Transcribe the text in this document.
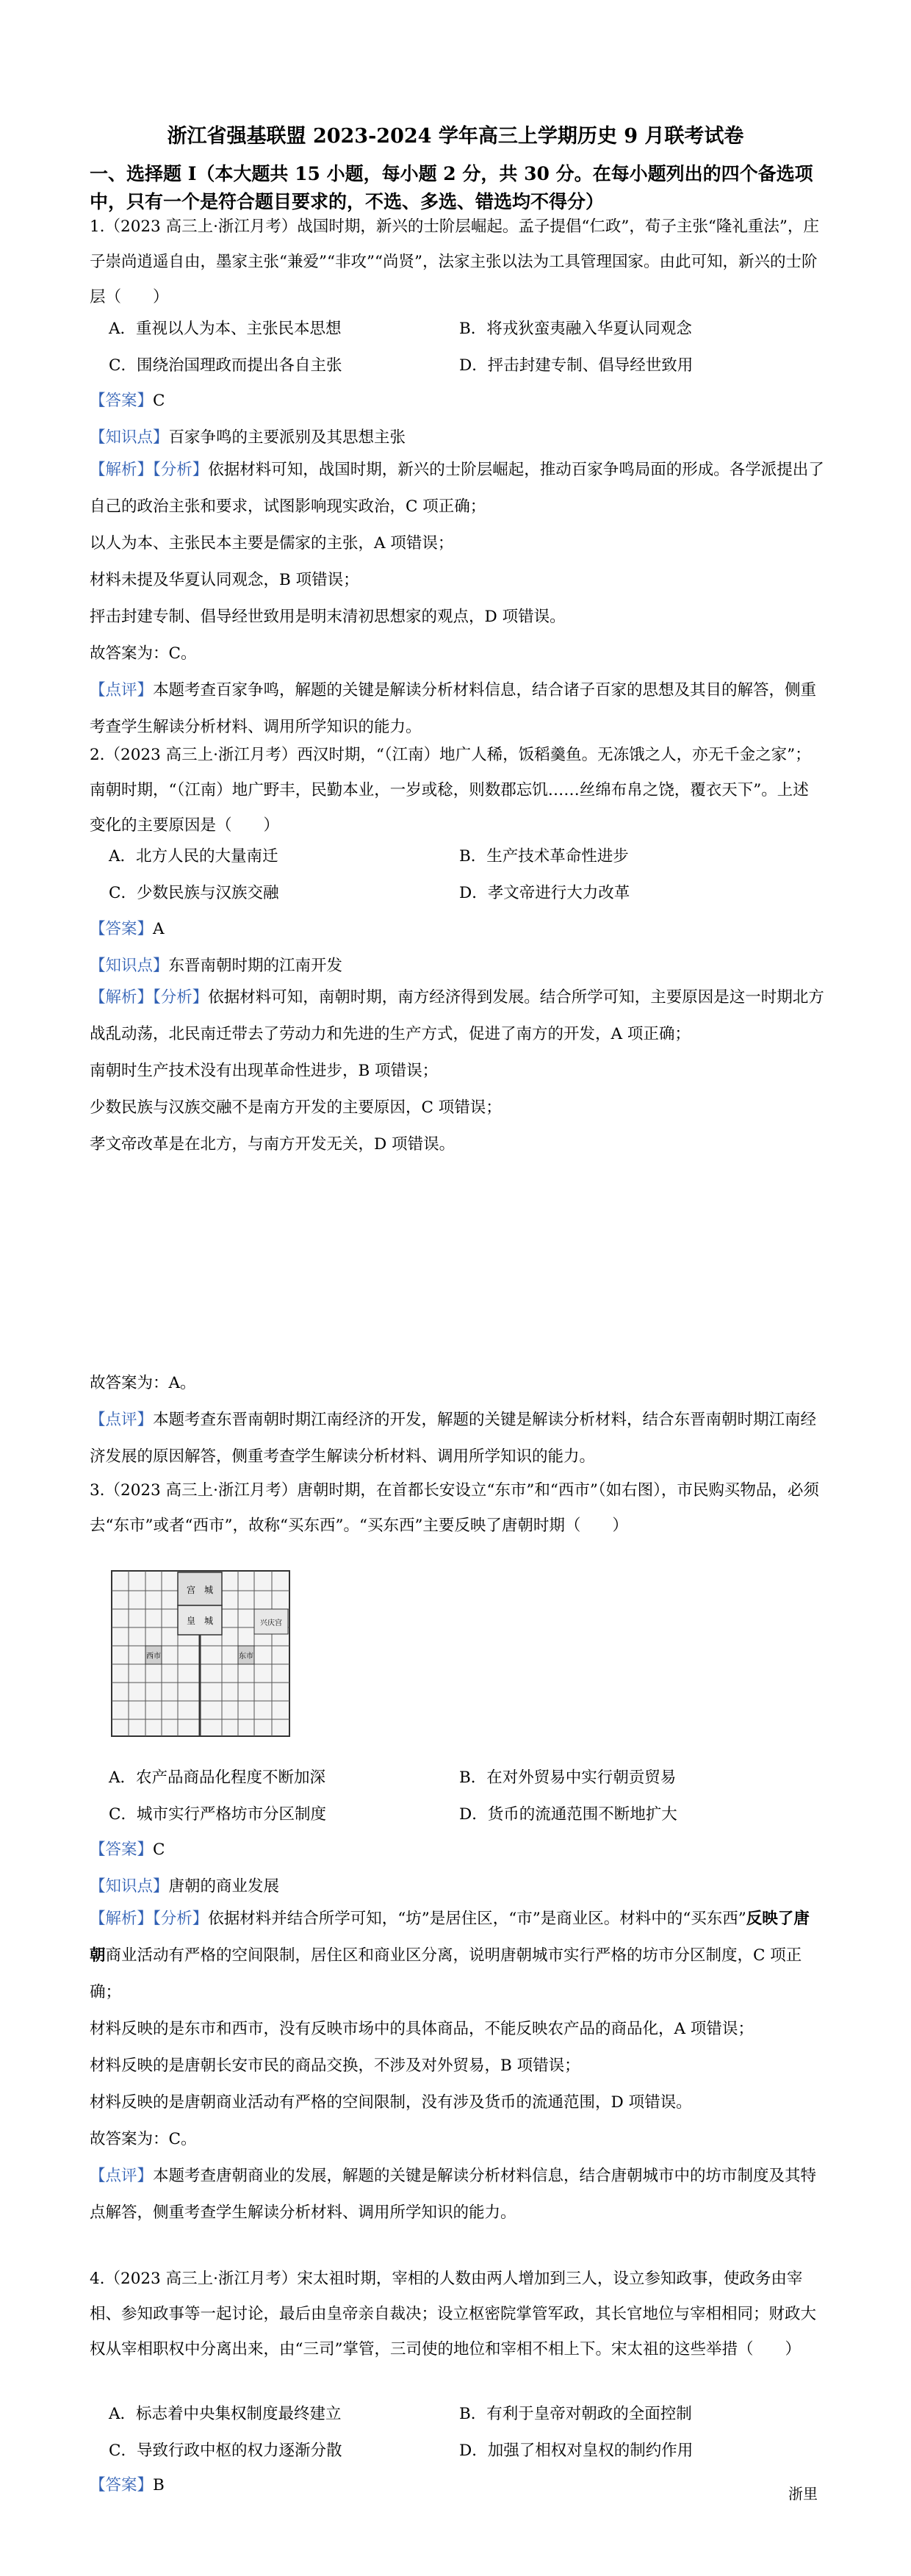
浙江省强基联盟 2023-2024 学年高三上学期历史 9 月联考试卷
一、选择题 I（本大题共 15 小题，每小题 2 分，共 30 分。在每小题列出的四个备选项中，只有一个是符合题目要求的，不选、多选、错选均不得分）

1.（2023 高三上·浙江月考）战国时期，新兴的士阶层崛起。孟子提倡“仁政”，荀子主张“隆礼重法”，庄子崇尚逍遥自由，墨家主张“兼爱”“非攻”“尚贤”，法家主张以法为工具管理国家。由此可知，新兴的士阶层（　　）

A．重视以人为本、主张民本思想	B．将戎狄蛮夷融入华夏认同观念
C．围绕治国理政而提出各自主张	D．抨击封建专制、倡导经世致用
【答案】C
【知识点】百家争鸣的主要派别及其思想主张

【解析】【分析】依据材料可知，战国时期，新兴的士阶层崛起，推动百家争鸣局面的形成。各学派提出了自己的政治主张和要求，试图影响现实政治，C 项正确；

以人为本、主张民本主要是儒家的主张，A 项错误；

材料未提及华夏认同观念，B 项错误；

抨击封建专制、倡导经世致用是明末清初思想家的观点，D 项错误。

故答案为：C。

【点评】本题考查百家争鸣，解题的关键是解读分析材料信息，结合诸子百家的思想及其目的解答，侧重考查学生解读分析材料、调用所学知识的能力。

2.（2023 高三上·浙江月考）西汉时期，“（江南）地广人稀，饭稻羹鱼。无冻饿之人，亦无千金之家”；南朝时期，“（江南）地广野丰，民勤本业，一岁或稔，则数郡忘饥……丝绵布帛之饶，覆衣天下”。上述变化的主要原因是（　　）

A．北方人民的大量南迁	B．生产技术革命性进步
C．少数民族与汉族交融	D．孝文帝进行大力改革
【答案】A
【知识点】东晋南朝时期的江南开发

【解析】【分析】依据材料可知，南朝时期，南方经济得到发展。结合所学可知，主要原因是这一时期北方战乱动荡，北民南迁带去了劳动力和先进的生产方式，促进了南方的开发，A 项正确；

南朝时生产技术没有出现革命性进步，B 项错误；

少数民族与汉族交融不是南方开发的主要原因，C 项错误；

孝文帝改革是在北方，与南方开发无关，D 项错误。

故答案为：A。

【点评】本题考查东晋南朝时期江南经济的开发，解题的关键是解读分析材料，结合东晋南朝时期江南经济发展的原因解答，侧重考查学生解读分析材料、调用所学知识的能力。

3.（2023 高三上·浙江月考）唐朝时期，在首都长安设立“东市”和“西市”（如右图），市民购买物品，必须去“东市”或者“西市”，故称“买东西”。“买东西”主要反映了唐朝时期（　　）

宫　城
皇　城	兴庆宫
西市	东市
A．农产品商品化程度不断加深	B．在对外贸易中实行朝贡贸易
C．城市实行严格坊市分区制度	D．货币的流通范围不断地扩大
【答案】C
【知识点】唐朝的商业发展

【解析】【分析】依据材料并结合所学可知，“坊”是居住区，“市”是商业区。材料中的“买东西”反映了唐朝商业活动有严格的空间限制，居住区和商业区分离，说明唐朝城市实行严格的坊市分区制度，C 项正确；

材料反映的是东市和西市，没有反映市场中的具体商品，不能反映农产品的商品化，A 项错误；

材料反映的是唐朝长安市民的商品交换，不涉及对外贸易，B 项错误；

材料反映的是唐朝商业活动有严格的空间限制，没有涉及货币的流通范围，D 项错误。

故答案为：C。

【点评】本题考查唐朝商业的发展，解题的关键是解读分析材料信息，结合唐朝城市中的坊市制度及其特点解答，侧重考查学生解读分析材料、调用所学知识的能力。

4.（2023 高三上·浙江月考）宋太祖时期，宰相的人数由两人增加到三人，设立参知政事，使政务由宰相、参知政事等一起讨论，最后由皇帝亲自裁决；设立枢密院掌管军政，其长官地位与宰相相同；财政大权从宰相职权中分离出来，由“三司”掌管，三司使的地位和宰相不相上下。宋太祖的这些举措（　　）

A．标志着中央集权制度最终建立	B．有利于皇帝对朝政的全面控制
C．导致行政中枢的权力逐渐分散	D．加强了相权对皇权的制约作用
【答案】B	浙里
